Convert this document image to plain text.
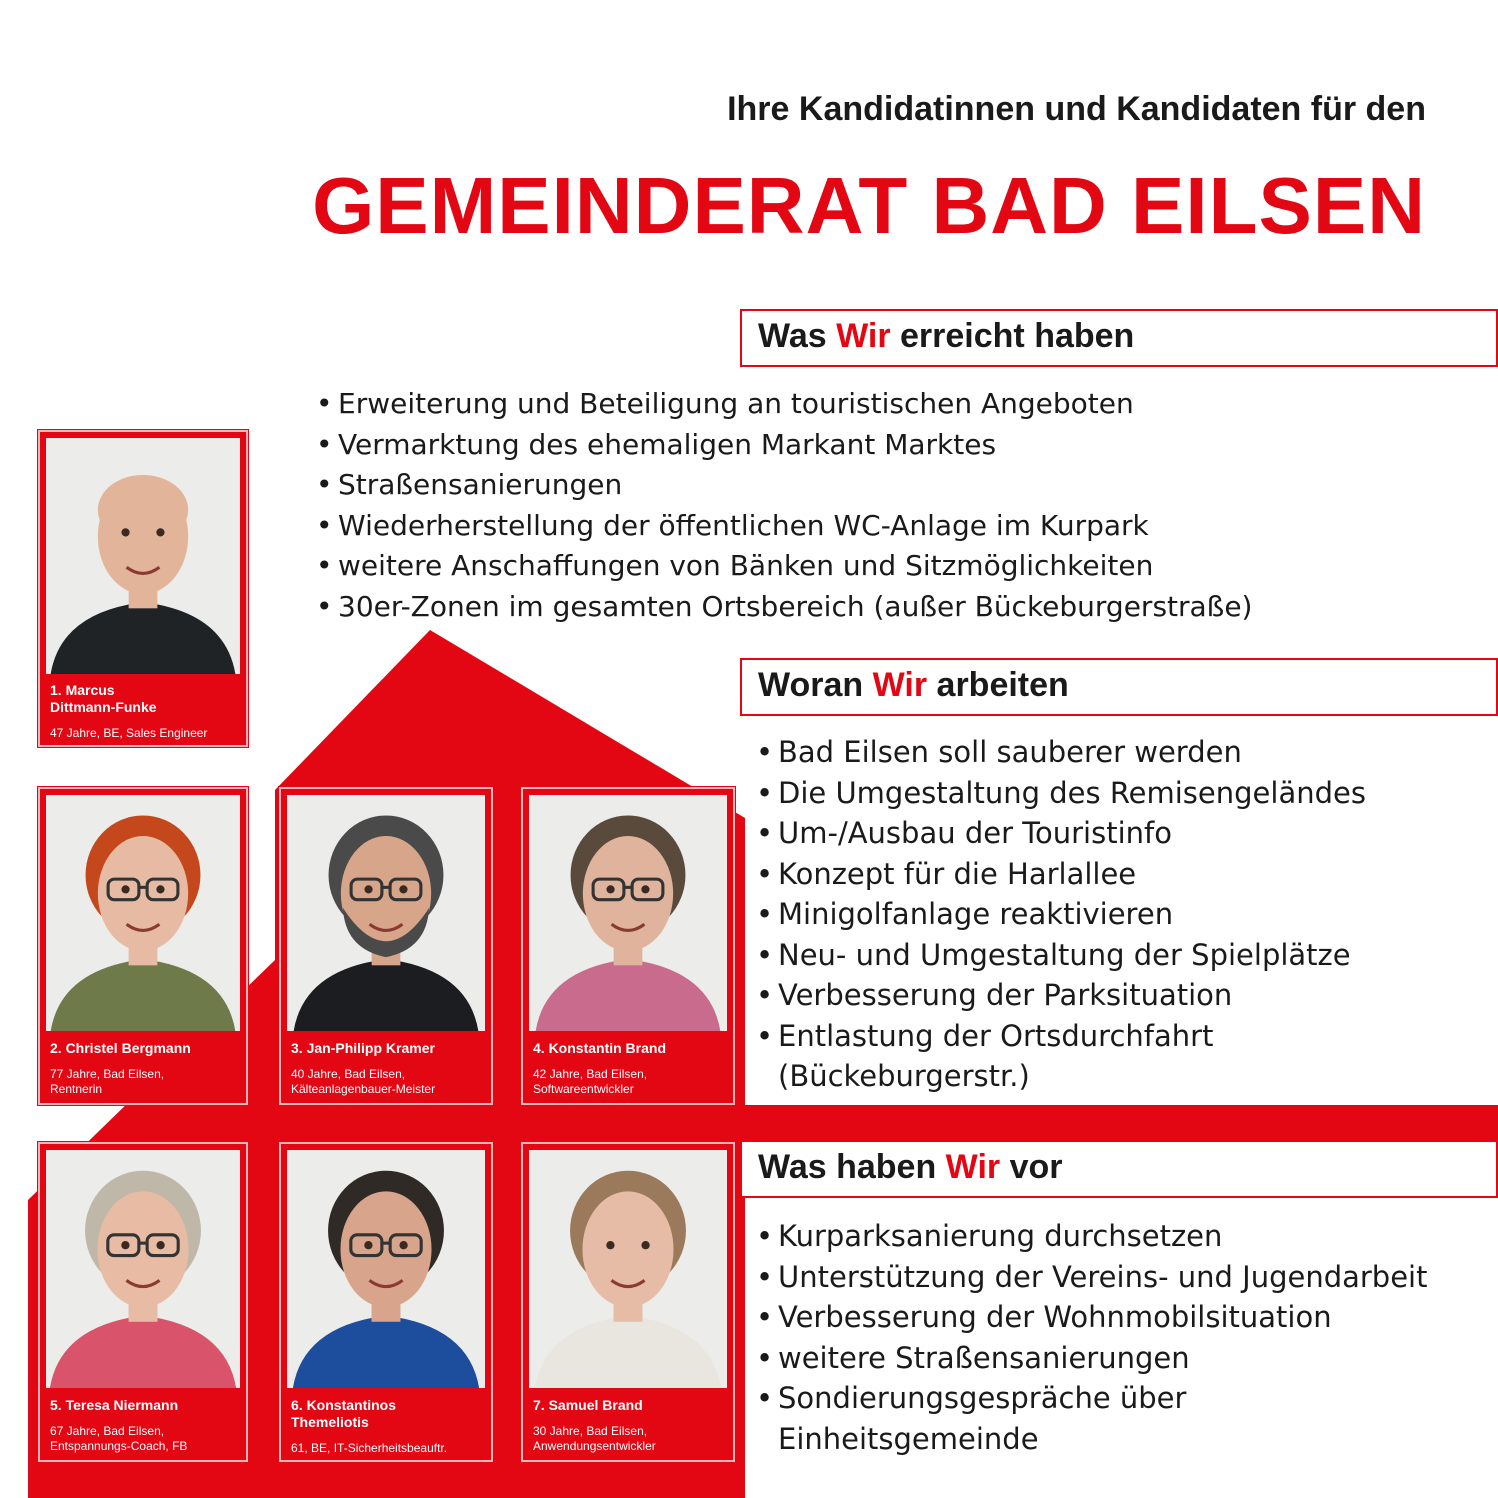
Ihre Kandidatinnen und Kandidaten für den
GEMEINDERAT BAD EILSEN
Was Wir erreicht haben
Woran Wir arbeiten
Was haben Wir vor
• Erweiterung und Beteiligung an touristischen Angeboten
• Vermarktung des ehemaligen Markant Marktes
• Straßensanierungen
• Wiederherstellung der öffentlichen WC-Anlage im Kurpark
• weitere Anschaffungen von Bänken und Sitzmöglichkeiten
• 30er-Zonen im gesamten Ortsbereich (außer Bückeburgerstraße)
• Bad Eilsen soll sauberer werden
• Die Umgestaltung des Remisengeländes
• Um-/Ausbau der Touristinfo
• Konzept für die Harlallee
• Minigolfanlage reaktivieren
• Neu- und Umgestaltung der Spielplätze
• Verbesserung der Parksituation
• Entlastung der Ortsdurchfahrt (Bückeburgerstr.)
• Kurparksanierung durchsetzen
• Unterstützung der Vereins- und Jugendarbeit
• Verbesserung der Wohnmobilsituation
• weitere Straßensanierungen
• Sondierungsgespräche über Einheitsgemeinde
1. Marcus
Dittmann-Funke
47 Jahre, BE, Sales Engineer
2. Christel Bergmann
77 Jahre, Bad Eilsen,
Rentnerin
3. Jan-Philipp Kramer
40 Jahre, Bad Eilsen,
Kälteanlagenbauer-Meister
4. Konstantin Brand
42 Jahre, Bad Eilsen,
Softwareentwickler
5. Teresa Niermann
67 Jahre, Bad Eilsen,
Entspannungs-Coach, FB
6. Konstantinos
Themeliotis
61, BE, IT-Sicherheitsbeauftr.
7. Samuel Brand
30 Jahre, Bad Eilsen,
Anwendungsentwickler
